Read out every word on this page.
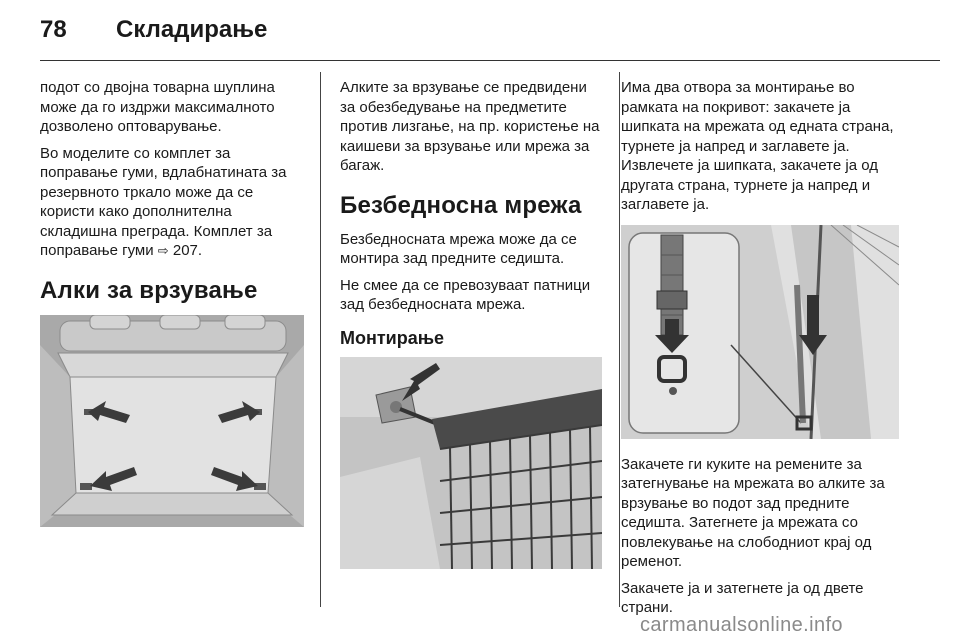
78 Складирање

подот со двојна товарна шуплина може да го издржи максималното дозволено оптоварување.

Во моделите со комплет за поправање гуми, вдлабнатината за резервното тркало може да се користи како дополнителна складишна преграда. Комплет за поправање гуми ⇨ 207.

Алки за врзување

Алките за врзување се предвидени за обезбедување на предметите против лизгање, на пр. користење на каишеви за врзување или мрежа за багаж.

Безбедносна мрежа

Безбедносната мрежа може да се монтира зад предните седишта.

Не смее да се превозуваат патници зад безбедносната мрежа.

Монтирање

Има два отвора за монтирање во рамката на покривот: закачете ја шипката на мрежата од едната страна, турнете ја напред и заглавете ја. Извлечете ја шипката, закачете ја од другата страна, турнете ја напред и заглавете ја.

Закачете ги куките на ремените за затегнување на мрежата во алките за врзување во подот зад предните седишта. Затегнете ја мрежата со повлекување на слободниот крај од ременот.

Закачете ја и затегнете ја од двете страни.

carmanualsonline.info
